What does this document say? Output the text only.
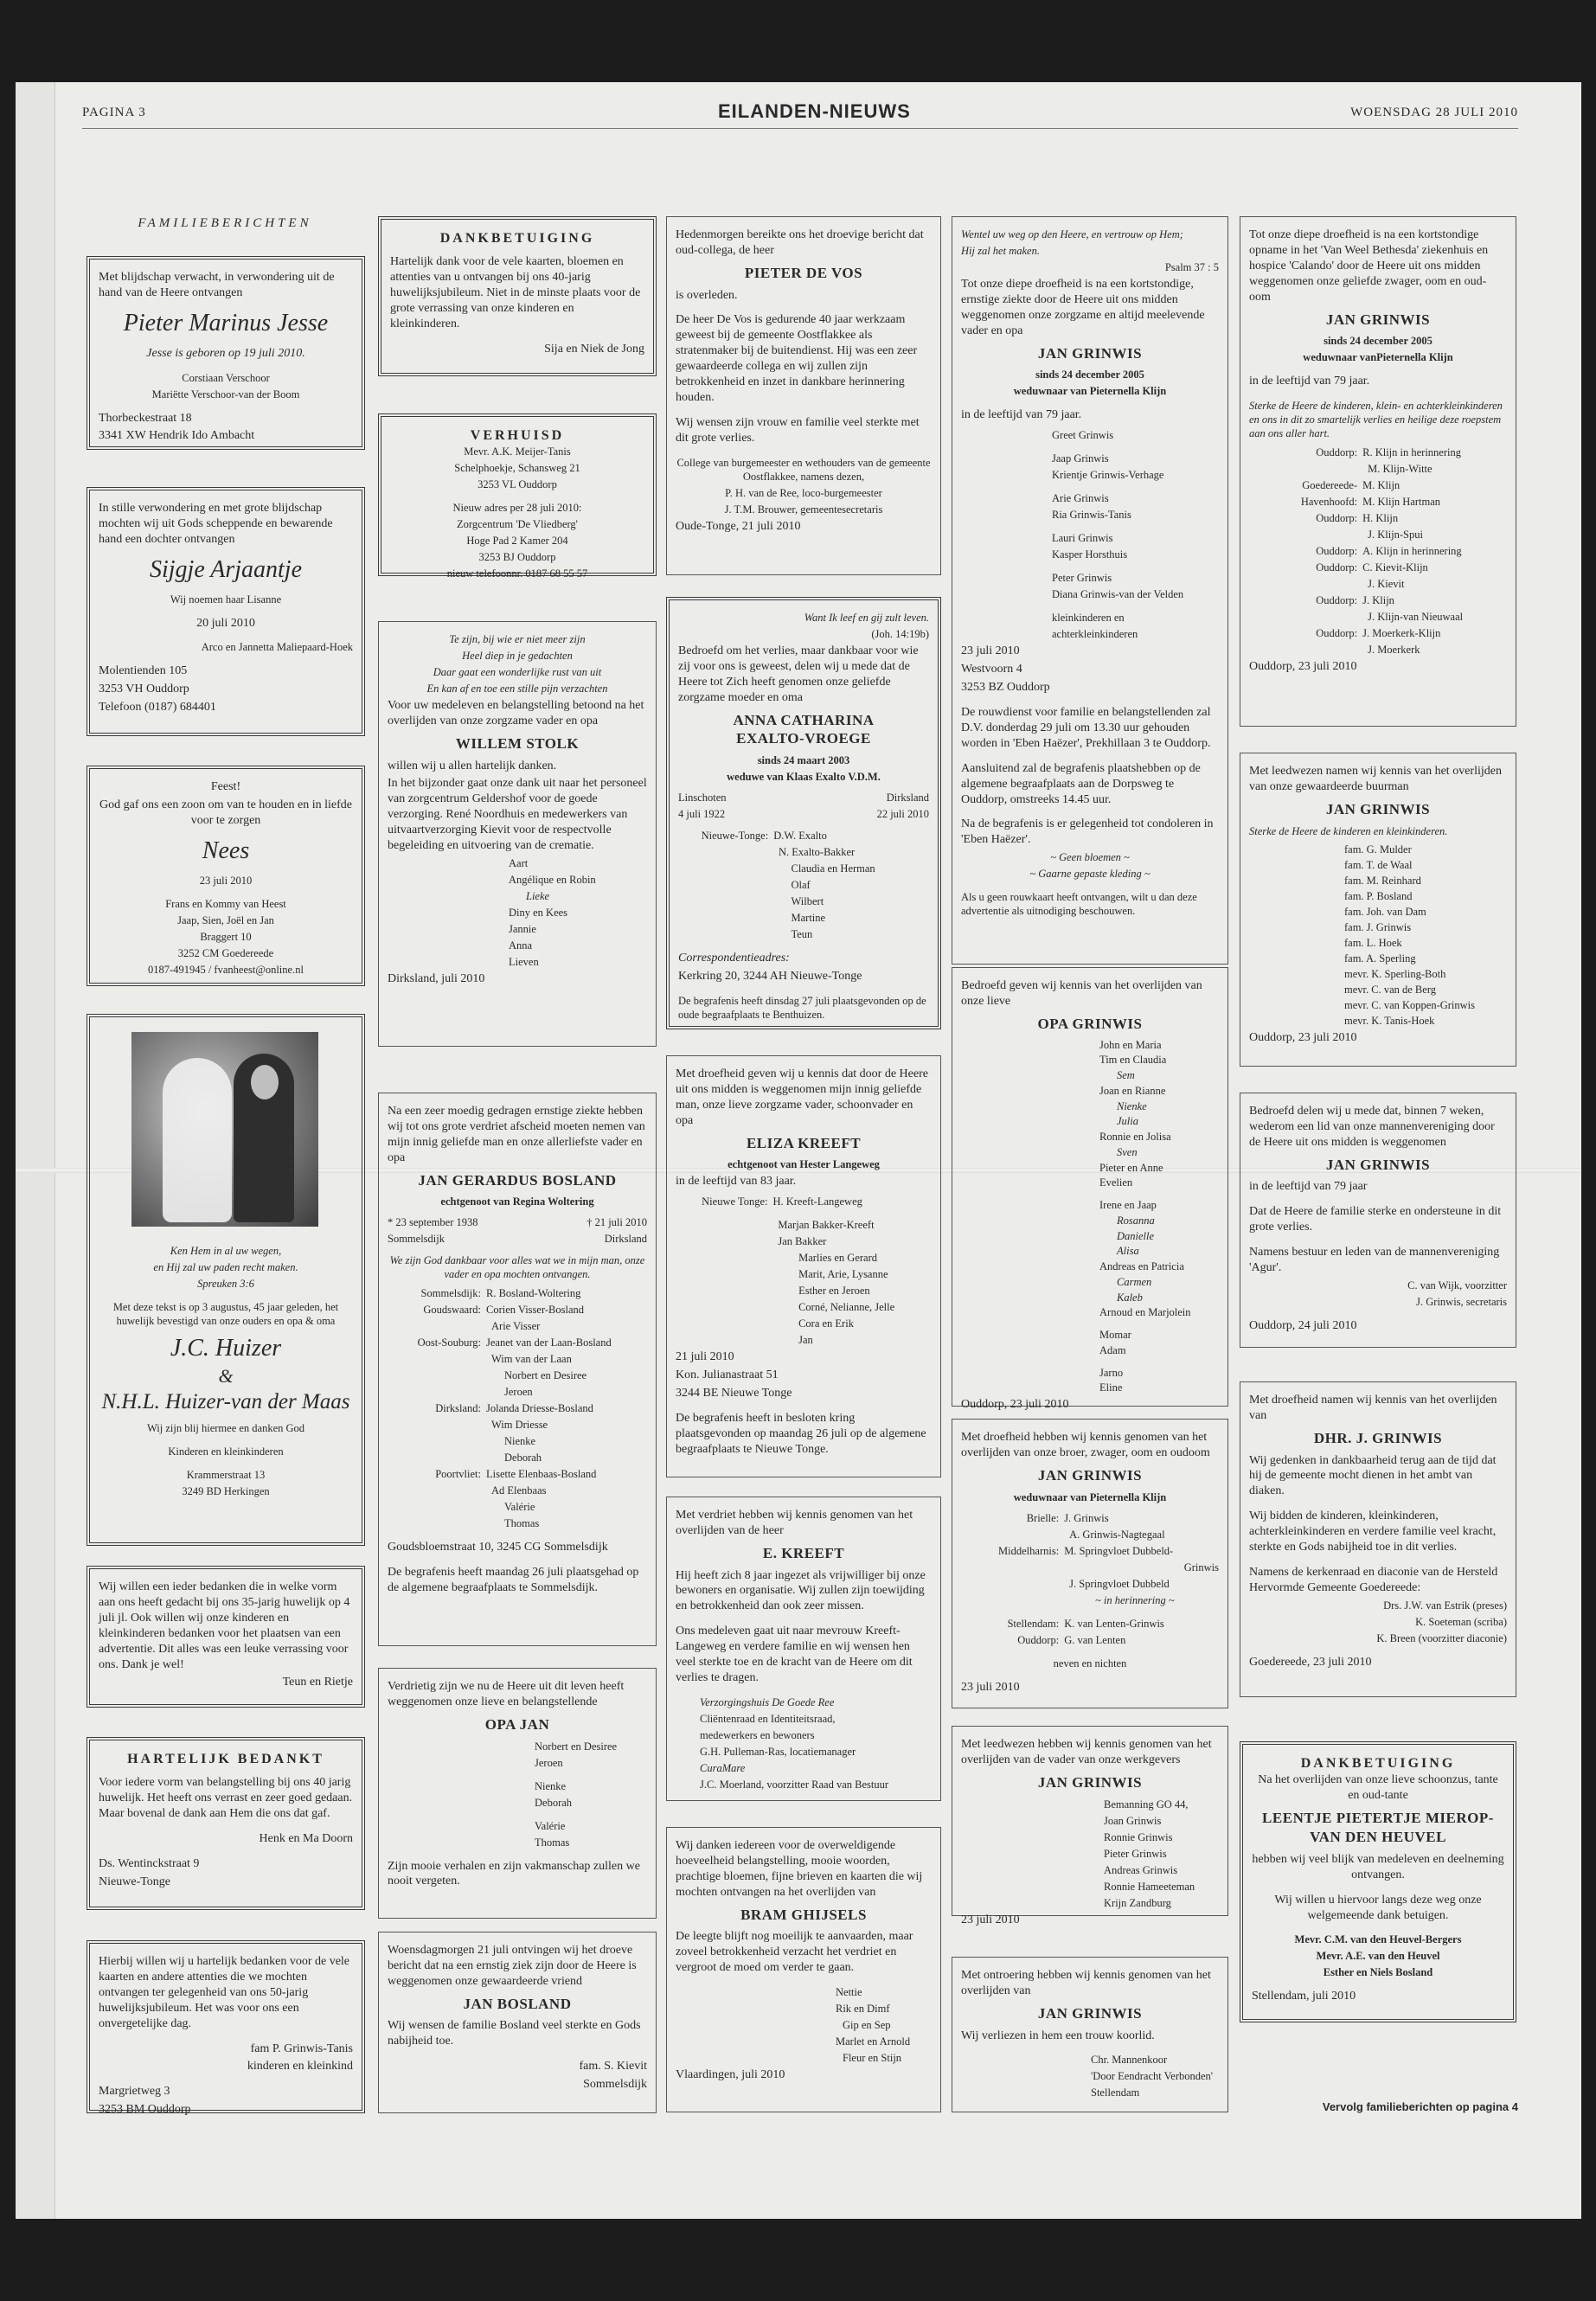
PAGINA 3	EILANDEN-NIEUWS	WOENSDAG 28 JULI 2010
FAMILIEBERICHTEN

Met blijdschap verwacht, in verwondering uit de hand van de Heere ontvangen

Pieter Marinus Jesse

Jesse is geboren op 19 juli 2010.

Corstiaan Verschoor

Mariëtte Verschoor-van der Boom

Thorbeckestraat 18

3341 XW Hendrik Ido Ambacht

In stille verwondering en met grote blijdschap mochten wij uit Gods scheppende en bewarende hand een dochter ontvangen

Sijgje Arjaantje

Wij noemen haar Lisanne

20 juli 2010

Arco en Jannetta Maliepaard-Hoek

Molentienden 105

3253 VH Ouddorp

Telefoon (0187) 684401

Feest!

God gaf ons een zoon om van te houden en in liefde voor te zorgen

Nees

23 juli 2010

Frans en Kommy van Heest

Jaap, Sien, Joël en Jan

Braggert 10

3252 CM Goedereede

0187-491945 / fvanheest@online.nl

Ken Hem in al uw wegen,

en Hij zal uw paden recht maken.

Spreuken 3:6

Met deze tekst is op 3 augustus, 45 jaar geleden, het huwelijk bevestigd van onze ouders en opa & oma

J.C. Huizer
&
N.H.L. Huizer-van der Maas

Wij zijn blij hiermee en danken God

Kinderen en kleinkinderen

Krammerstraat 13

3249 BD Herkingen

Wij willen een ieder bedanken die in welke vorm aan ons heeft gedacht bij ons 35-jarig huwelijk op 4 juli jl. Ook willen wij onze kinderen en kleinkinderen bedanken voor het plaatsen van een advertentie. Dit alles was een leuke verrassing voor ons. Dank je wel!

Teun en Rietje

HARTELIJK BEDANKT

Voor iedere vorm van belangstelling bij ons 40 jarig huwelijk. Het heeft ons verrast en zeer goed gedaan. Maar bovenal de dank aan Hem die ons dat gaf.

Henk en Ma Doorn

Ds. Wentinckstraat 9

Nieuwe-Tonge

Hierbij willen wij u hartelijk bedanken voor de vele kaarten en andere attenties die we mochten ontvangen ter gelegenheid van ons 50-jarig huwelijksjubileum. Het was voor ons een onvergetelijke dag.

fam P. Grinwis-Tanis

kinderen en kleinkind

Margrietweg 3

3253 BM Ouddorp

DANKBETUIGING

Hartelijk dank voor de vele kaarten, bloemen en attenties van u ontvangen bij ons 40-jarig huwelijksjubileum. Niet in de minste plaats voor de grote verrassing van onze kinderen en kleinkinderen.

Sija en Niek de Jong

VERHUISD

Mevr. A.K. Meijer-Tanis

Schelphoekje, Schansweg 21

3253 VL Ouddorp

Nieuw adres per 28 juli 2010:

Zorgcentrum 'De Vliedberg'

Hoge Pad 2 Kamer 204

3253 BJ Ouddorp

nieuw telefoonnr. 0187 68 55 57

Te zijn, bij wie er niet meer zijn

Heel diep in je gedachten

Daar gaat een wonderlijke rust van uit

En kan af en toe een stille pijn verzachten

Voor uw medeleven en belangstelling betoond na het overlijden van onze zorgzame vader en opa

WILLEM STOLK

willen wij u allen hartelijk danken.

In het bijzonder gaat onze dank uit naar het personeel van zorgcentrum Geldershof voor de goede verzorging. René Noordhuis en medewerkers van uitvaartverzorging Kievit voor de respectvolle begeleiding en uitvoering van de crematie.

Aart

Angélique en Robin

Lieke

Diny en Kees

Jannie

Anna

Lieven

Dirksland, juli 2010

Na een zeer moedig gedragen ernstige ziekte hebben wij tot ons grote verdriet afscheid moeten nemen van mijn innig geliefde man en onze allerliefste vader en opa

JAN GERARDUS BOSLAND

echtgenoot van Regina Woltering

* 23 september 1938

Sommelsdijk

† 21 juli 2010

Dirksland

We zijn God dankbaar voor alles wat we in mijn man, onze vader en opa mochten ontvangen.

Sommelsdijk: R. Bosland-Woltering

Goudswaard: Corien Visser-Bosland

Arie Visser

Oost-Souburg: Jeanet van der Laan-Bosland

Wim van der Laan

Norbert en Desiree

Jeroen

Dirksland: Jolanda Driesse-Bosland

Wim Driesse

Nienke

Deborah

Poortvliet: Lisette Elenbaas-Bosland

Ad Elenbaas

Valérie

Thomas

Goudsbloemstraat 10, 3245 CG Sommelsdijk

De begrafenis heeft maandag 26 juli plaatsgehad op de algemene begraafplaats te Sommelsdijk.

Verdrietig zijn we nu de Heere uit dit leven heeft weggenomen onze lieve en belangstellende

OPA JAN

Norbert en Desiree

Jeroen

Nienke

Deborah

Valérie

Thomas

Zijn mooie verhalen en zijn vakmanschap zullen we nooit vergeten.

Woensdagmorgen 21 juli ontvingen wij het droeve bericht dat na een ernstig ziek zijn door de Heere is weggenomen onze gewaardeerde vriend

JAN BOSLAND

Wij wensen de familie Bosland veel sterkte en Gods nabijheid toe.

fam. S. Kievit

Sommelsdijk

Hedenmorgen bereikte ons het droevige bericht dat oud-collega, de heer

PIETER DE VOS

is overleden.

De heer De Vos is gedurende 40 jaar werkzaam geweest bij de gemeente Oostflakkee als stratenmaker bij de buitendienst. Hij was een zeer gewaardeerde collega en wij zullen zijn betrokkenheid en inzet in dankbare herinnering houden.

Wij wensen zijn vrouw en familie veel sterkte met dit grote verlies.

College van burgemeester en wethouders van de gemeente Oostflakkee, namens dezen,

P. H. van de Ree, loco-burgemeester

J. T.M. Brouwer, gemeentesecretaris

Oude-Tonge, 21 juli 2010

Want Ik leef en gij zult leven.

(Joh. 14:19b)

Bedroefd om het verlies, maar dankbaar voor wie zij voor ons is geweest, delen wij u mede dat de Heere tot Zich heeft genomen onze geliefde zorgzame moeder en oma

ANNA CATHARINA
EXALTO-VROEGE

sinds 24 maart 2003

weduwe van Klaas Exalto V.D.M.

Linschoten

4 juli 1922

Dirksland

22 juli 2010

Nieuwe-Tonge: D.W. Exalto

N. Exalto-Bakker

Claudia en Herman

Olaf

Wilbert

Martine

Teun

Correspondentieadres:

Kerkring 20, 3244 AH Nieuwe-Tonge

De begrafenis heeft dinsdag 27 juli plaatsgevonden op de oude begraafplaats te Benthuizen.

Met droefheid geven wij u kennis dat door de Heere uit ons midden is weggenomen mijn innig geliefde man, onze lieve zorgzame vader, schoonvader en opa

ELIZA KREEFT

echtgenoot van Hester Langeweg

in de leeftijd van 83 jaar.

Nieuwe Tonge: H. Kreeft-Langeweg

Marjan Bakker-Kreeft

Jan Bakker

Marlies en Gerard

Marit, Arie, Lysanne

Esther en Jeroen

Corné, Nelianne, Jelle

Cora en Erik

Jan

21 juli 2010

Kon. Julianastraat 51

3244 BE Nieuwe Tonge

De begrafenis heeft in besloten kring plaatsgevonden op maandag 26 juli op de algemene begraafplaats te Nieuwe Tonge.

Met verdriet hebben wij kennis genomen van het overlijden van de heer

E. KREEFT

Hij heeft zich 8 jaar ingezet als vrijwilliger bij onze bewoners en organisatie. Wij zullen zijn toewijding en betrokkenheid dan ook zeer missen.

Ons medeleven gaat uit naar mevrouw Kreeft-Langeweg en verdere familie en wij wensen hen veel sterkte toe en de kracht van de Heere om dit verlies te dragen.

Verzorgingshuis De Goede Ree

Cliëntenraad en Identiteitsraad,

medewerkers en bewoners

G.H. Pulleman-Ras, locatiemanager

CuraMare

J.C. Moerland, voorzitter Raad van Bestuur

Wij danken iedereen voor de overweldigende hoeveelheid belangstelling, mooie woorden, prachtige bloemen, fijne brieven en kaarten die wij mochten ontvangen na het overlijden van

BRAM GHIJSELS

De leegte blijft nog moeilijk te aanvaarden, maar zoveel betrokkenheid verzacht het verdriet en vergroot de moed om verder te gaan.

Nettie

Rik en Dimf

Gip en Sep

Marlet en Arnold

Fleur en Stijn

Vlaardingen, juli 2010

Wentel uw weg op den Heere, en vertrouw op Hem;

Hij zal het maken.

Psalm 37 : 5

Tot onze diepe droefheid is na een kortstondige, ernstige ziekte door de Heere uit ons midden weggenomen onze zorgzame en altijd meelevende vader en opa

JAN GRINWIS

sinds 24 december 2005

weduwnaar van Pieternella Klijn

in de leeftijd van 79 jaar.

Greet Grinwis

Jaap Grinwis

Krientje Grinwis-Verhage

Arie Grinwis

Ria Grinwis-Tanis

Lauri Grinwis

Kasper Horsthuis

Peter Grinwis

Diana Grinwis-van der Velden

kleinkinderen en

achterkleinkinderen

23 juli 2010

Westvoorn 4

3253 BZ Ouddorp

De rouwdienst voor familie en belangstellenden zal D.V. donderdag 29 juli om 13.30 uur gehouden worden in 'Eben Haëzer', Prekhillaan 3 te Ouddorp.

Aansluitend zal de begrafenis plaatshebben op de algemene begraafplaats aan de Dorpsweg te Ouddorp, omstreeks 14.45 uur.

Na de begrafenis is er gelegenheid tot condoleren in 'Eben Haëzer'.

~ Geen bloemen ~

~ Gaarne gepaste kleding ~

Als u geen rouwkaart heeft ontvangen, wilt u dan deze advertentie als uitnodiging beschouwen.

Bedroefd geven wij kennis van het overlijden van onze lieve

OPA GRINWIS

John en Maria

Tim en Claudia

Sem

Joan en Rianne

Nienke

Julia

Ronnie en Jolisa

Sven

Pieter en Anne

Evelien

Irene en Jaap

Rosanna

Danielle

Alisa

Andreas en Patricia

Carmen

Kaleb

Arnoud en Marjolein

Momar

Adam

Jarno

Eline

Ouddorp, 23 juli 2010

Met droefheid hebben wij kennis genomen van het overlijden van onze broer, zwager, oom en oudoom

JAN GRINWIS

weduwnaar van Pieternella Klijn

Brielle: J. Grinwis

A. Grinwis-Nagtegaal

Middelharnis: M. Springvloet Dubbeld-

Grinwis

J. Springvloet Dubbeld

~ in herinnering ~

Stellendam: K. van Lenten-Grinwis

Ouddorp: G. van Lenten

neven en nichten

23 juli 2010

Met leedwezen hebben wij kennis genomen van het overlijden van de vader van onze werkgevers

JAN GRINWIS

Bemanning GO 44,

Joan Grinwis

Ronnie Grinwis

Pieter Grinwis

Andreas Grinwis

Ronnie Hameeteman

Krijn Zandburg

23 juli 2010

Met ontroering hebben wij kennis genomen van het overlijden van

JAN GRINWIS

Wij verliezen in hem een trouw koorlid.

Chr. Mannenkoor

'Door Eendracht Verbonden'

Stellendam

Tot onze diepe droefheid is na een kortstondige opname in het 'Van Weel Bethesda' ziekenhuis en hospice 'Calando' door de Heere uit ons midden weggenomen onze geliefde zwager, oom en oud-oom

JAN GRINWIS

sinds 24 december 2005

weduwnaar vanPieternella Klijn

in de leeftijd van 79 jaar.

Sterke de Heere de kinderen, klein- en achterkleinkinderen en ons in dit zo smartelijk verlies en heilige deze roepstem aan ons aller hart.

Ouddorp: R. Klijn in herinnering

M. Klijn-Witte

Goedereede- M. Klijn

Havenhoofd: M. Klijn Hartman

Ouddorp: H. Klijn

J. Klijn-Spui

Ouddorp: A. Klijn in herinnering

Ouddorp: C. Kievit-Klijn

J. Kievit

Ouddorp: J. Klijn

J. Klijn-van Nieuwaal

Ouddorp: J. Moerkerk-Klijn

J. Moerkerk

Ouddorp, 23 juli 2010

Met leedwezen namen wij kennis van het overlijden van onze gewaardeerde buurman

JAN GRINWIS

Sterke de Heere de kinderen en kleinkinderen.

fam. G. Mulder

fam. T. de Waal

fam. M. Reinhard

fam. P. Bosland

fam. Joh. van Dam

fam. J. Grinwis

fam. L. Hoek

fam. A. Sperling

mevr. K. Sperling-Both

mevr. C. van de Berg

mevr. C. van Koppen-Grinwis

mevr. K. Tanis-Hoek

Ouddorp, 23 juli 2010

Bedroefd delen wij u mede dat, binnen 7 weken, wederom een lid van onze mannenvereniging door de Heere uit ons midden is weggenomen

JAN GRINWIS

in de leeftijd van 79 jaar

Dat de Heere de familie sterke en ondersteune in dit grote verlies.

Namens bestuur en leden van de mannenvereniging 'Agur'.

C. van Wijk, voorzitter

J. Grinwis, secretaris

Ouddorp, 24 juli 2010

Met droefheid namen wij kennis van het overlijden van

DHR. J. GRINWIS

Wij gedenken in dankbaarheid terug aan de tijd dat hij de gemeente mocht dienen in het ambt van diaken.

Wij bidden de kinderen, kleinkinderen, achterkleinkinderen en verdere familie veel kracht, sterkte en Gods nabijheid toe in dit verlies.

Namens de kerkenraad en diaconie van de Hersteld Hervormde Gemeente Goedereede:

Drs. J.W. van Estrik (preses)

K. Soeteman (scriba)

K. Breen (voorzitter diaconie)

Goedereede, 23 juli 2010

DANKBETUIGING

Na het overlijden van onze lieve schoonzus, tante en oud-tante

LEENTJE PIETERTJE MIEROP-
VAN DEN HEUVEL

hebben wij veel blijk van medeleven en deelneming ontvangen.

Wij willen u hiervoor langs deze weg onze welgemeende dank betuigen.

Mevr. C.M. van den Heuvel-Bergers

Mevr. A.E. van den Heuvel

Esther en Niels Bosland

Stellendam, juli 2010

Vervolg familieberichten op pagina 4
